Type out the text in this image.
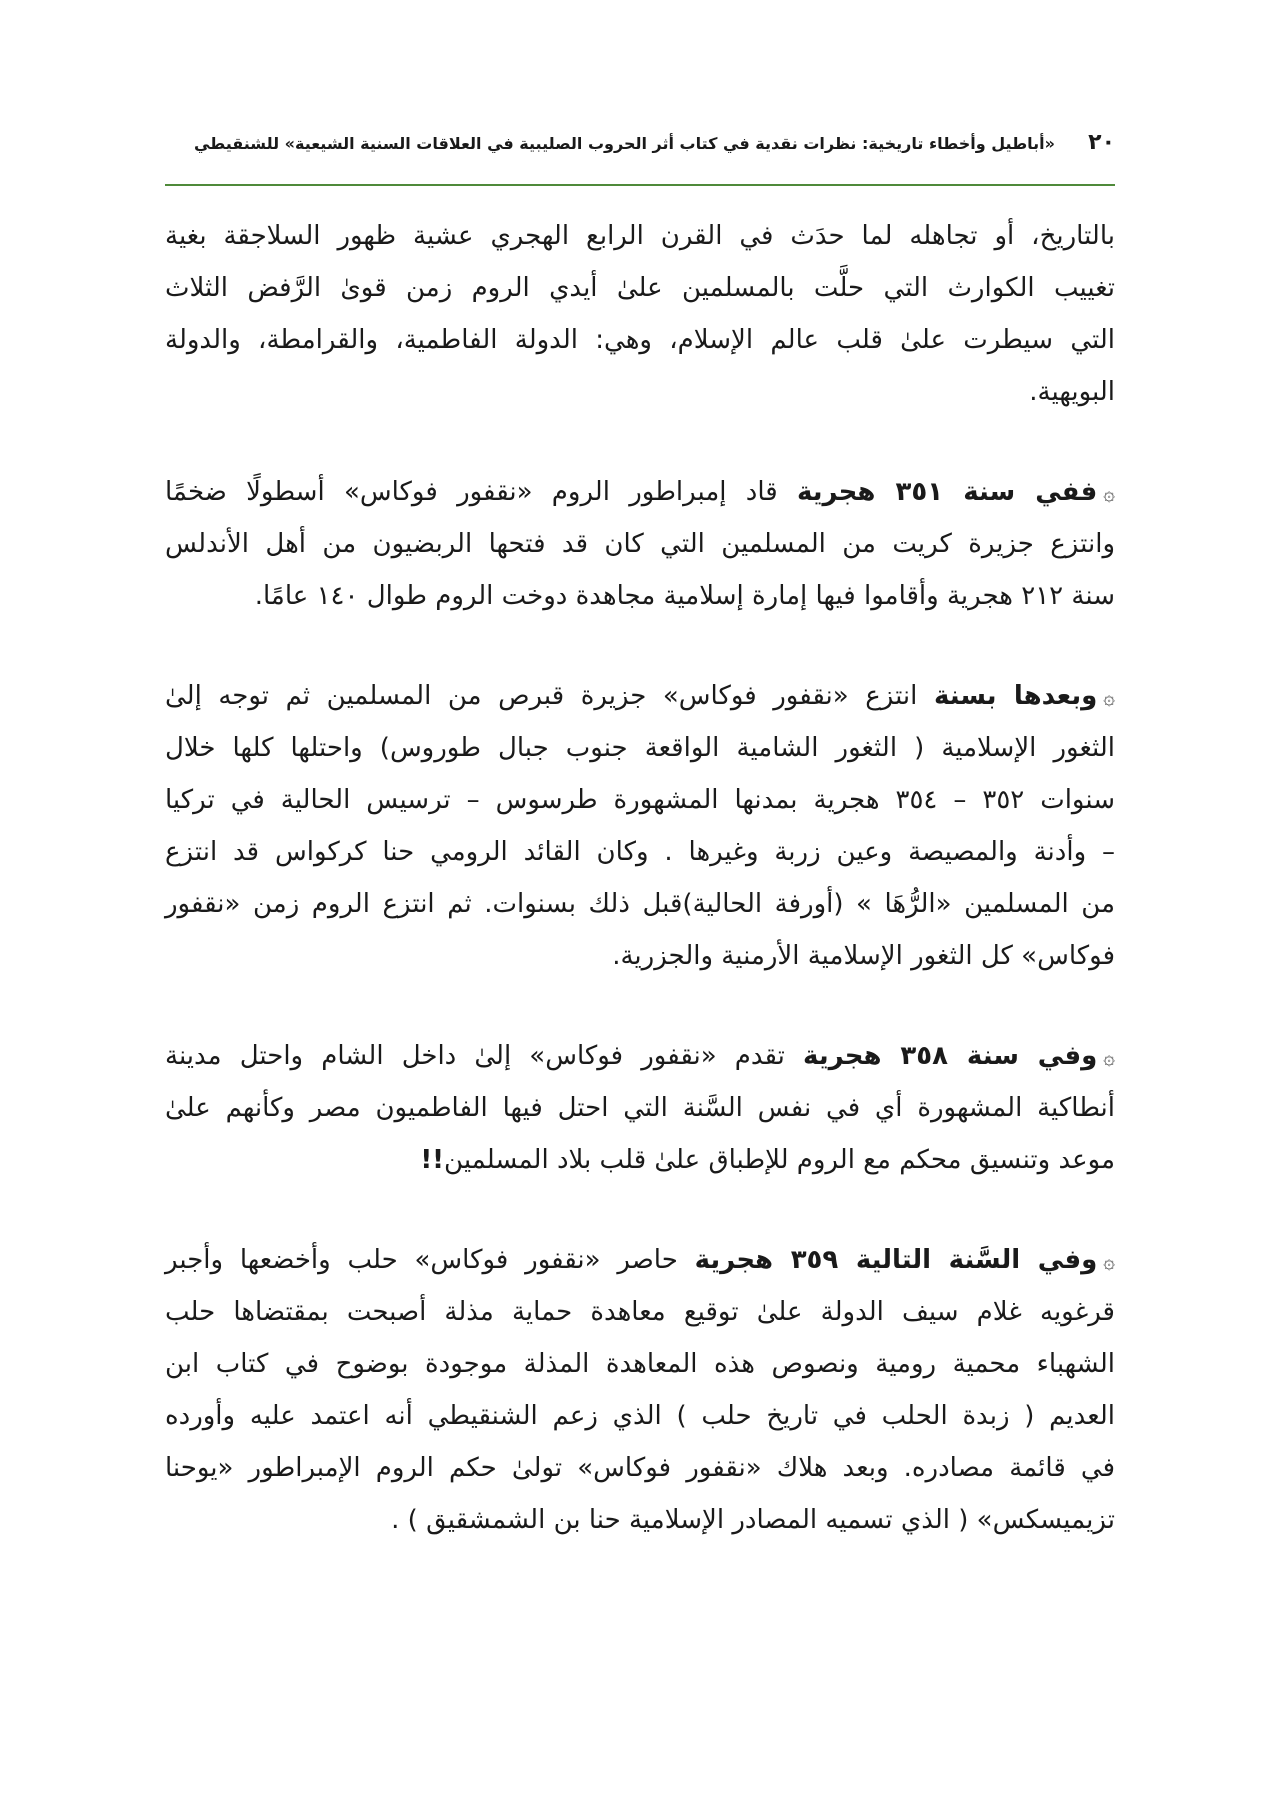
٢٠
«أباطيل وأخطاء تاريخية: نظرات نقدية في كتاب أثر الحروب الصليبية في العلاقات السنية الشيعية» للشنقيطي
بالتاريخ، أو تجاهله لما حدَث في القرن الرابع الهجري عشية ظهور السلاجقة بغية
تغييب الكوارث التي حلَّت بالمسلمين علىٰ أيدي الروم زمن قوىٰ الرَّفض الثلاث
التي سيطرت علىٰ قلب عالم الإسلام، وهي: الدولة الفاطمية، والقرامطة، والدولة
البويهية.
۞ففي سنة ٣٥١ هجرية قاد إمبراطور الروم «نقفور فوكاس» أسطولًا ضخمًا
وانتزع جزيرة كريت من المسلمين التي كان قد فتحها الربضيون من أهل الأندلس
سنة ٢١٢ هجرية وأقاموا فيها إمارة إسلامية مجاهدة دوخت الروم طوال ١٤٠ عامًا.
۞وبعدها بسنة انتزع «نقفور فوكاس» جزيرة قبرص من المسلمين ثم توجه إلىٰ
الثغور الإسلامية ( الثغور الشامية الواقعة جنوب جبال طوروس) واحتلها كلها خلال
سنوات ٣٥٢ – ٣٥٤ هجرية بمدنها المشهورة طرسوس – ترسيس الحالية في تركيا
– وأدنة والمصيصة وعين زربة وغيرها . وكان القائد الرومي حنا كركواس قد انتزع
من المسلمين «الرُّهَا » (أورفة الحالية)قبل ذلك بسنوات. ثم انتزع الروم زمن «نقفور
فوكاس» كل الثغور الإسلامية الأرمنية والجزرية.
۞وفي سنة ٣٥٨ هجرية تقدم «نقفور فوكاس» إلىٰ داخل الشام واحتل مدينة
أنطاكية المشهورة أي في نفس السَّنة التي احتل فيها الفاطميون مصر وكأنهم علىٰ
موعد وتنسيق محكم مع الروم للإطباق علىٰ قلب بلاد المسلمين!!
۞وفي السَّنة التالية ٣٥٩ هجرية حاصر «نقفور فوكاس» حلب وأخضعها وأجبر
قرغويه غلام سيف الدولة علىٰ توقيع معاهدة حماية مذلة أصبحت بمقتضاها حلب
الشهباء محمية رومية ونصوص هذه المعاهدة المذلة موجودة بوضوح في كتاب ابن
العديم ( زبدة الحلب في تاريخ حلب ) الذي زعم الشنقيطي أنه اعتمد عليه وأورده
في قائمة مصادره. وبعد هلاك «نقفور فوكاس» تولىٰ حكم الروم الإمبراطور «يوحنا
تزيميسكس» ( الذي تسميه المصادر الإسلامية حنا بن الشمشقيق ) .
